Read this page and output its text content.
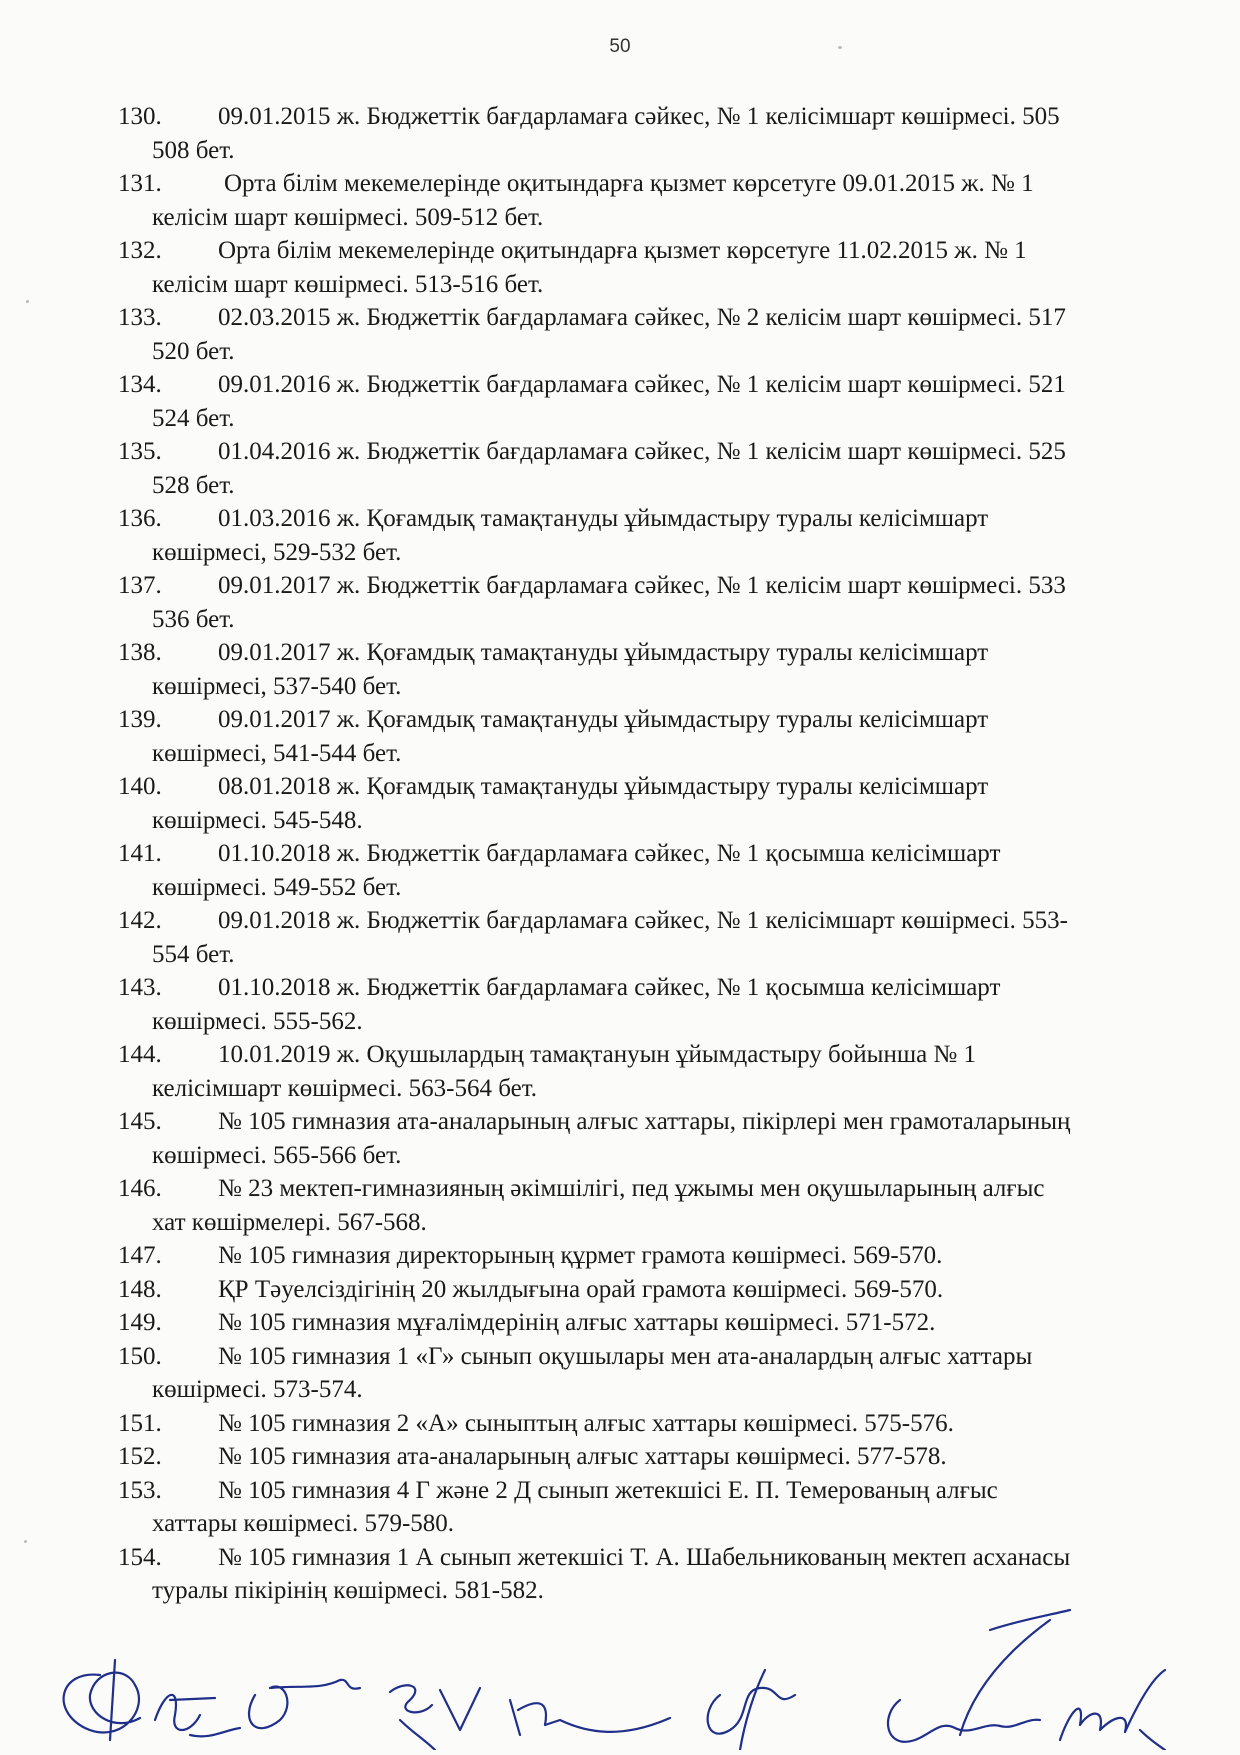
50
130. 09.01.2015 ж. Бюджеттік бағдарламаға сәйкес, № 1 келісімшарт көшірмесі. 505
508 бет.
131. Орта білім мекемелерінде оқитындарға қызмет көрсетуге 09.01.2015 ж. № 1
келісім шарт көшірмесі. 509-512 бет.
132. Орта білім мекемелерінде оқитындарға қызмет көрсетуге 11.02.2015 ж. № 1
келісім шарт көшірмесі. 513-516 бет.
133. 02.03.2015 ж. Бюджеттік бағдарламаға сәйкес, № 2 келісім шарт көшірмесі. 517
520 бет.
134. 09.01.2016 ж. Бюджеттік бағдарламаға сәйкес, № 1 келісім шарт көшірмесі. 521
524 бет.
135. 01.04.2016 ж. Бюджеттік бағдарламаға сәйкес, № 1 келісім шарт көшірмесі. 525
528 бет.
136. 01.03.2016 ж. Қоғамдық тамақтануды ұйымдастыру туралы келісімшарт
көшірмесі, 529-532 бет.
137. 09.01.2017 ж. Бюджеттік бағдарламаға сәйкес, № 1 келісім шарт көшірмесі. 533
536 бет.
138. 09.01.2017 ж. Қоғамдық тамақтануды ұйымдастыру туралы келісімшарт
көшірмесі, 537-540 бет.
139. 09.01.2017 ж. Қоғамдық тамақтануды ұйымдастыру туралы келісімшарт
көшірмесі, 541-544 бет.
140. 08.01.2018 ж. Қоғамдық тамақтануды ұйымдастыру туралы келісімшарт
көшірмесі. 545-548.
141. 01.10.2018 ж. Бюджеттік бағдарламаға сәйкес, № 1 қосымша келісімшарт
көшірмесі. 549-552 бет.
142. 09.01.2018 ж. Бюджеттік бағдарламаға сәйкес, № 1 келісімшарт көшірмесі. 553-
554 бет.
143. 01.10.2018 ж. Бюджеттік бағдарламаға сәйкес, № 1 қосымша келісімшарт
көшірмесі. 555-562.
144. 10.01.2019 ж. Оқушылардың тамақтануын ұйымдастыру бойынша № 1
келісімшарт көшірмесі. 563-564 бет.
145. № 105 гимназия ата-аналарының алғыс хаттары, пікірлері мен грамоталарының
көшірмесі. 565-566 бет.
146. № 23 мектеп-гимназияның әкімшілігі, пед ұжымы мен оқушыларының алғыс
хат көшірмелері. 567-568.
147. № 105 гимназия директорының құрмет грамота көшірмесі. 569-570.
148. ҚР Тәуелсіздігінің 20 жылдығына орай грамота көшірмесі. 569-570.
149. № 105 гимназия мұғалімдерінің алғыс хаттары көшірмесі. 571-572.
150. № 105 гимназия 1 «Г» сынып оқушылары мен ата-аналардың алғыс хаттары
көшірмесі. 573-574.
151. № 105 гимназия 2 «А» сыныптың алғыс хаттары көшірмесі. 575-576.
152. № 105 гимназия ата-аналарының алғыс хаттары көшірмесі. 577-578.
153. № 105 гимназия 4 Г және 2 Д сынып жетекшісі Е. П. Темерованың алғыс
хаттары көшірмесі. 579-580.
154. № 105 гимназия 1 А сынып жетекшісі Т. А. Шабельникованың мектеп асханасы
туралы пікірінің көшірмесі. 581-582.
